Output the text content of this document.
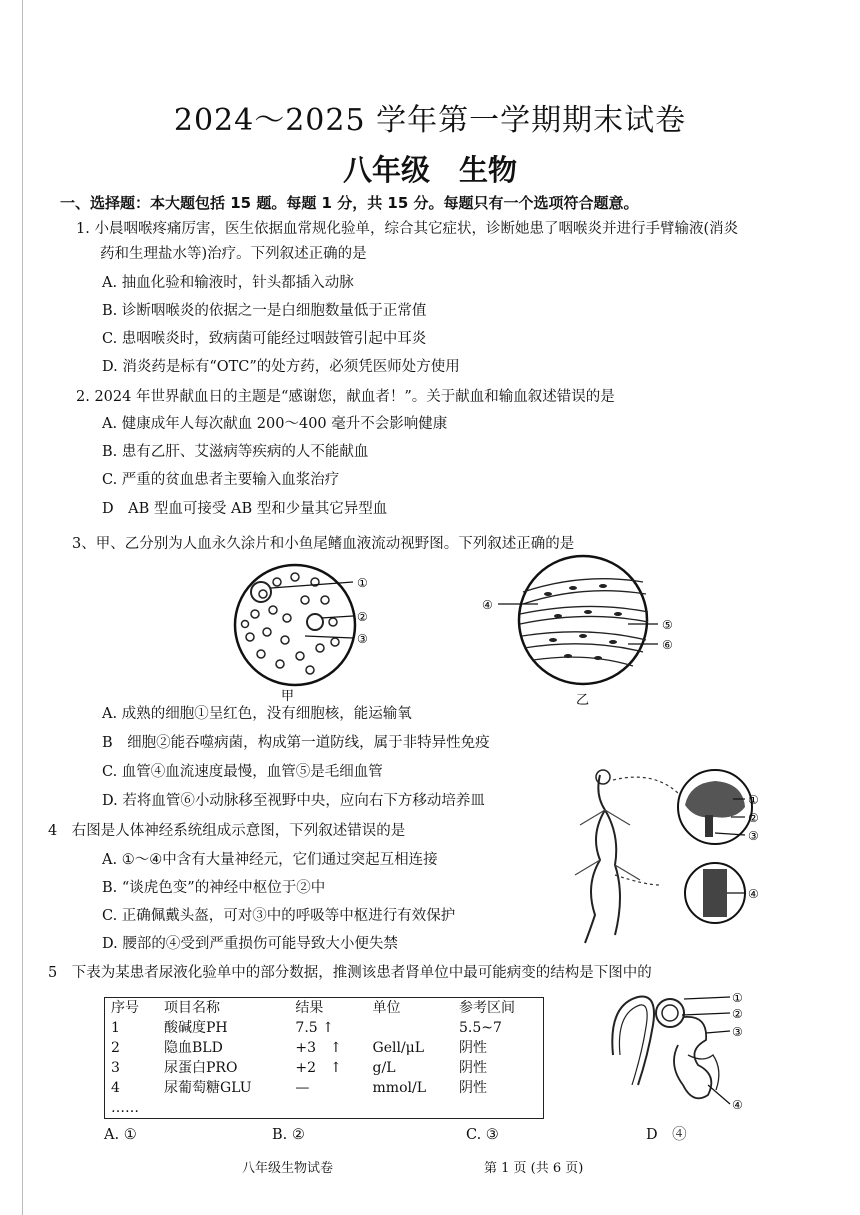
2024～2025 学年第一学期期末试卷
八年级　生物
一、选择题：本大题包括 15 题。每题 1 分，共 15 分。每题只有一个选项符合题意。
1. 小晨咽喉疼痛厉害，医生依据血常规化验单，综合其它症状，诊断她患了咽喉炎并进行手臂输液(消炎
药和生理盐水等)治疗。下列叙述正确的是
A. 抽血化验和输液时，针头都插入动脉
B. 诊断咽喉炎的依据之一是白细胞数量低于正常值
C. 患咽喉炎时，致病菌可能经过咽鼓管引起中耳炎
D. 消炎药是标有“OTC”的处方药，必须凭医师处方使用
2. 2024 年世界献血日的主题是“感谢您，献血者！”。关于献血和输血叙述错误的是
A. 健康成年人每次献血 200～400 毫升不会影响健康
B. 患有乙肝、艾滋病等疾病的人不能献血
C. 严重的贫血患者主要输入血浆治疗
D　AB 型血可接受 AB 型和少量其它异型血
3、甲、乙分别为人血永久涂片和小鱼尾鳍血液流动视野图。下列叙述正确的是
①
②
③
甲
④
⑤
⑥
乙
A. 成熟的细胞①呈红色，没有细胞核，能运输氧
B　细胞②能吞噬病菌，构成第一道防线，属于非特异性免疫
C. 血管④血流速度最慢，血管⑤是毛细血管
D. 若将血管⑥小动脉移至视野中央，应向右下方移动培养皿	①
②
③
④
4　右图是人体神经系统组成示意图，下列叙述错误的是
A. ①～④中含有大量神经元，它们通过突起互相连接
B. “谈虎色变”的神经中枢位于②中
C. 正确佩戴头盔，可对③中的呼吸等中枢进行有效保护
D. 腰部的④受到严重损伤可能导致大小便失禁
5　下表为某患者尿液化验单中的部分数据，推测该患者肾单位中最可能病变的结构是下图中的
序号	项目名称	结果	单位	参考区间
1	酸碱度PH	7.5 ↑		5.5~7
2	隐血BLD	+3　↑	Gell/μL	阴性
3	尿蛋白PRO	+2　↑	g/L	阴性
4	尿葡萄糖GLU	—	mmol/L	阴性
……				
①
②
③
④
A. ①	B. ②	C. ③	D　④
八年级生物试卷	第 1 页 (共 6 页)
